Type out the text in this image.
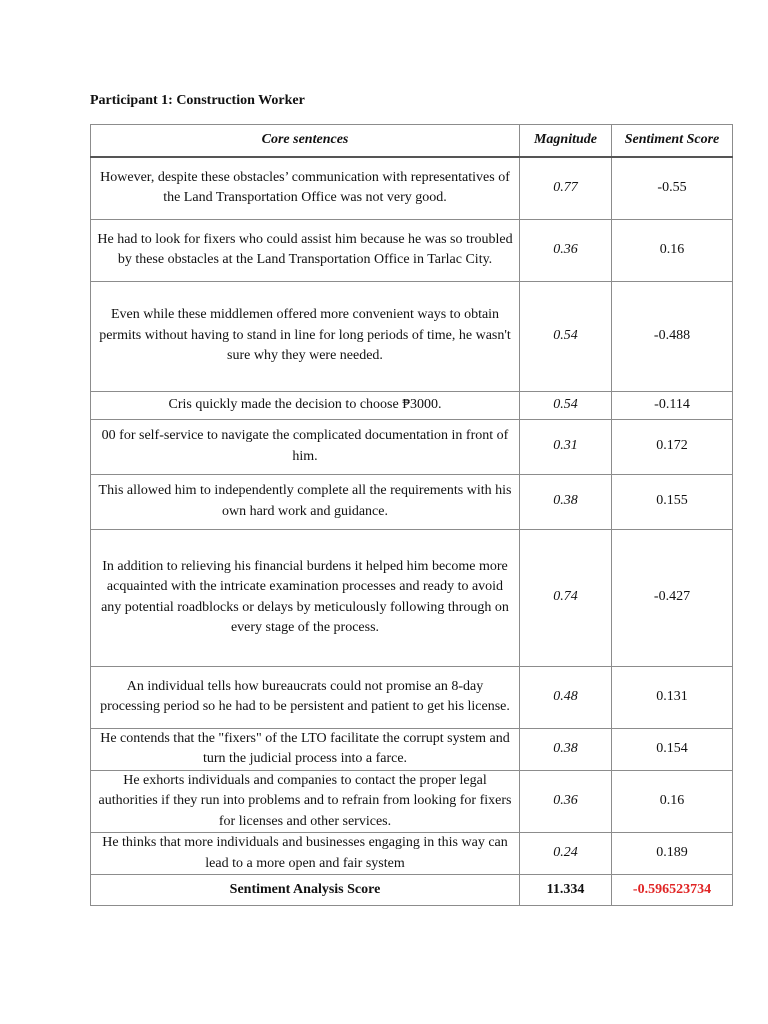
Participant 1: Construction Worker
Core sentences	Magnitude	Sentiment Score
However, despite these obstacles’ communication with representatives of the Land Transportation Office was not very good.	0.77	-0.55
He had to look for fixers who could assist him because he was so troubled by these obstacles at the Land Transportation Office in Tarlac City.	0.36	0.16
Even while these middlemen offered more convenient ways to obtain permits without having to stand in line for long periods of time, he wasn't sure why they were needed.	0.54	-0.488
Cris quickly made the decision to choose ₱3000.	0.54	-0.114
00 for self-service to navigate the complicated documentation in front of him.	0.31	0.172
This allowed him to independently complete all the requirements with his own hard work and guidance.	0.38	0.155
In addition to relieving his financial burdens it helped him become more acquainted with the intricate examination processes and ready to avoid any potential roadblocks or delays by meticulously following through on every stage of the process.	0.74	-0.427
An individual tells how bureaucrats could not promise an 8-day processing period so he had to be persistent and patient to get his license.	0.48	0.131
He contends that the "fixers" of the LTO facilitate the corrupt system and turn the judicial process into a farce.	0.38	0.154
He exhorts individuals and companies to contact the proper legal authorities if they run into problems and to refrain from looking for fixers for licenses and other services.	0.36	0.16
He thinks that more individuals and businesses engaging in this way can lead to a more open and fair system	0.24	0.189
Sentiment Analysis Score	11.334	-0.596523734
